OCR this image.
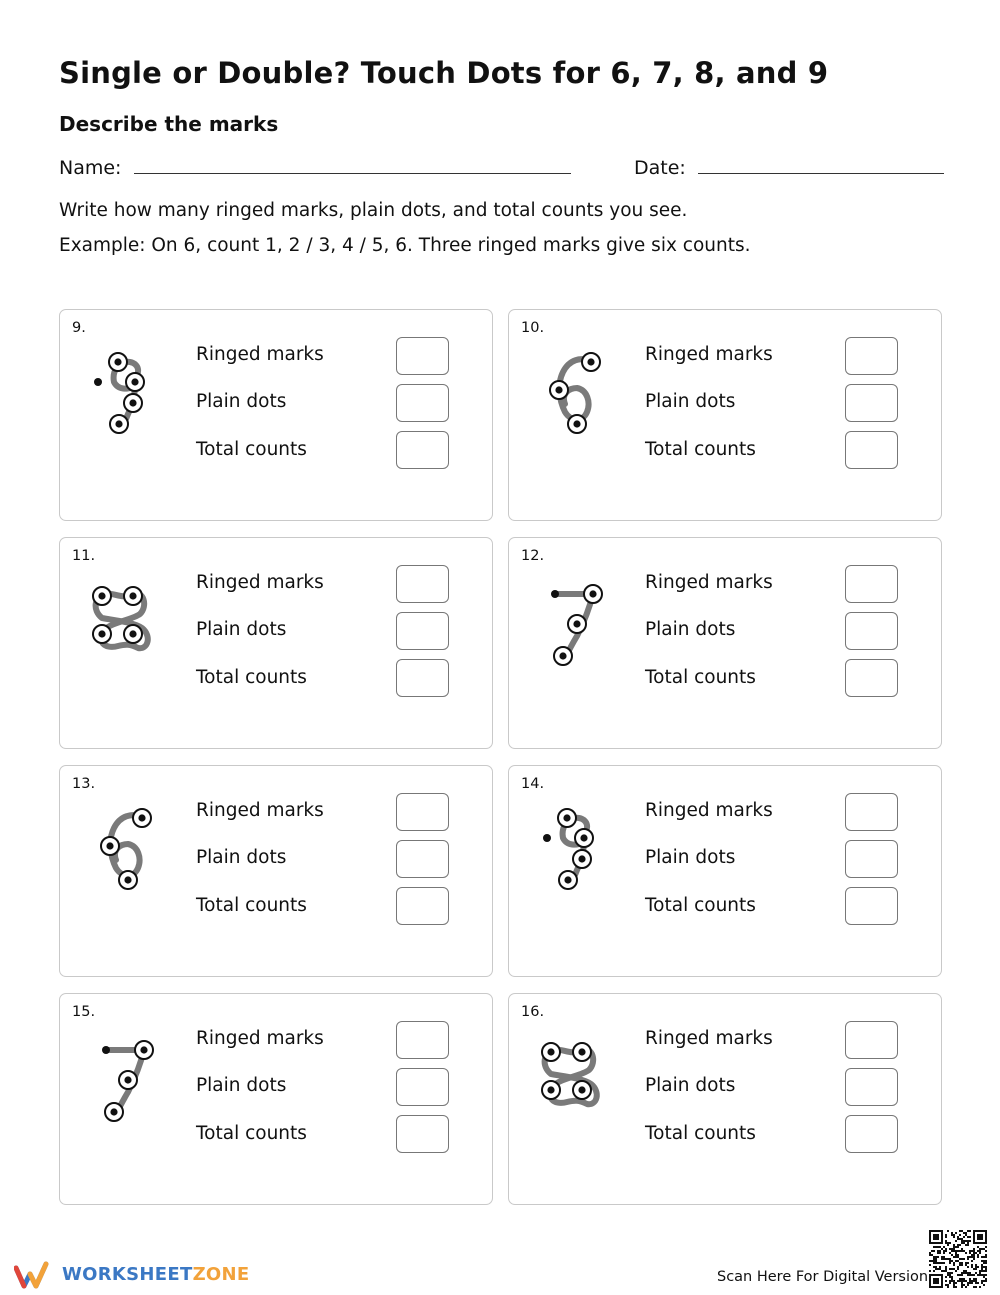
Single or Double? Touch Dots for 6, 7, 8, and 9
Describe the marks
Name:	Date:
Write how many ringed marks, plain dots, and total counts you see.
Example: On 6, count 1, 2 / 3, 4 / 5, 6. Three ringed marks give six counts.
9.
Ringed marks
Plain dots
Total counts
10.
Ringed marks
Plain dots
Total counts
11.
Ringed marks
Plain dots
Total counts
12.
Ringed marks
Plain dots
Total counts
13.
Ringed marks
Plain dots
Total counts
14.
Ringed marks
Plain dots
Total counts
15.
Ringed marks
Plain dots
Total counts
16.
Ringed marks
Plain dots
Total counts
WORKSHEETZONE	Scan Here For Digital Version
